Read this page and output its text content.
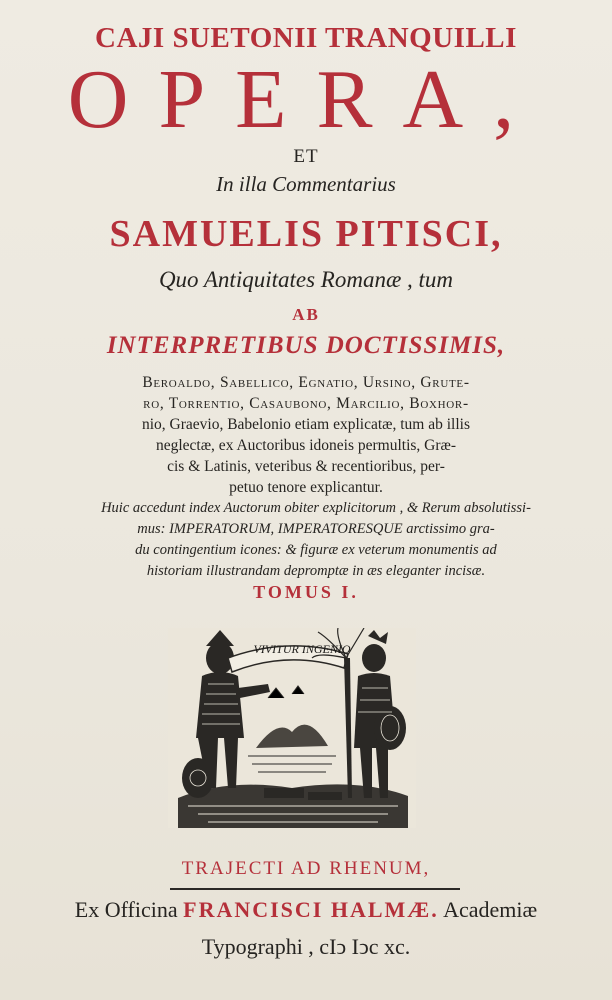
CAJI SUETONII TRANQUILLI
OPERA,
ET
In illa Commentarius
SAMUELIS PITISCI,
Quo Antiquitates Romanæ , tum
AB
INTERPRETIBUS DOCTISSIMIS,
Beroaldo, Sabellico, Egnatio, Ursino, Grute-
ro, Torrentio, Casaubono, Marcilio, Boxhor-
nio, Graevio, Babelonio etiam explicatæ, tum ab illis
neglectæ, ex Auctoribus idoneis permultis, Græ-
cis & Latinis, veteribus & recentioribus, per-
petuo tenore explicantur.
Huic accedunt index Auctorum obiter explicitorum , & Rerum absolutissi-
mus: IMPERATORUM, IMPERATORESQUE arctissimo gra-
du contingentium icones: & figuræ ex veterum monumentis ad
historiam illustrandam depromptæ in æs eleganter incisæ.
TOMUS I.
VIVITUR INGENIO
TRAJECTI AD RHENUM,
Ex Officina FRANCISCI HALMÆ. Academiæ
Typographi , cIↄ Iↄc xc.
